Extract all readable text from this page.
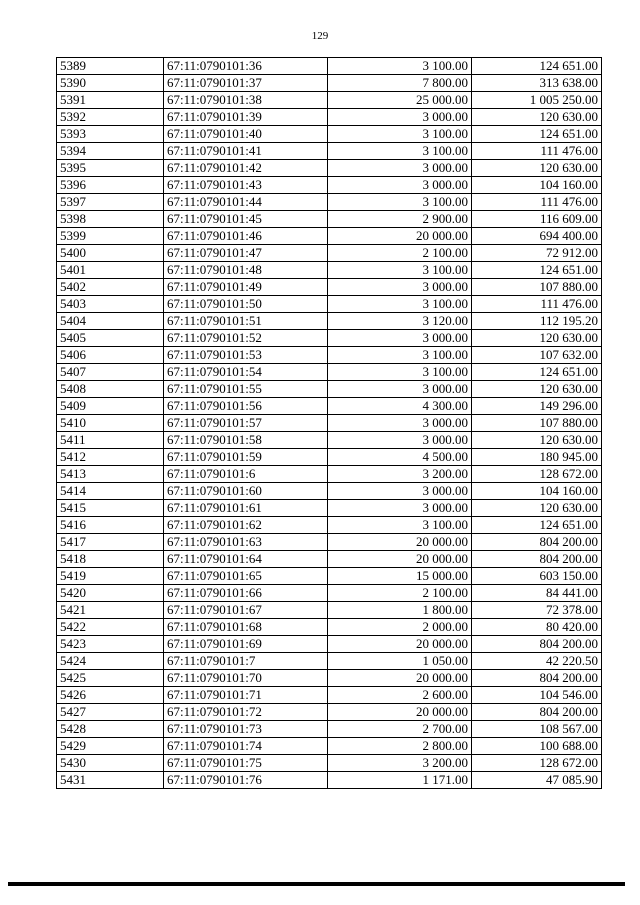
129
5389	67:11:0790101:36	3 100.00	124 651.00
5390	67:11:0790101:37	7 800.00	313 638.00
5391	67:11:0790101:38	25 000.00	1 005 250.00
5392	67:11:0790101:39	3 000.00	120 630.00
5393	67:11:0790101:40	3 100.00	124 651.00
5394	67:11:0790101:41	3 100.00	111 476.00
5395	67:11:0790101:42	3 000.00	120 630.00
5396	67:11:0790101:43	3 000.00	104 160.00
5397	67:11:0790101:44	3 100.00	111 476.00
5398	67:11:0790101:45	2 900.00	116 609.00
5399	67:11:0790101:46	20 000.00	694 400.00
5400	67:11:0790101:47	2 100.00	72 912.00
5401	67:11:0790101:48	3 100.00	124 651.00
5402	67:11:0790101:49	3 000.00	107 880.00
5403	67:11:0790101:50	3 100.00	111 476.00
5404	67:11:0790101:51	3 120.00	112 195.20
5405	67:11:0790101:52	3 000.00	120 630.00
5406	67:11:0790101:53	3 100.00	107 632.00
5407	67:11:0790101:54	3 100.00	124 651.00
5408	67:11:0790101:55	3 000.00	120 630.00
5409	67:11:0790101:56	4 300.00	149 296.00
5410	67:11:0790101:57	3 000.00	107 880.00
5411	67:11:0790101:58	3 000.00	120 630.00
5412	67:11:0790101:59	4 500.00	180 945.00
5413	67:11:0790101:6	3 200.00	128 672.00
5414	67:11:0790101:60	3 000.00	104 160.00
5415	67:11:0790101:61	3 000.00	120 630.00
5416	67:11:0790101:62	3 100.00	124 651.00
5417	67:11:0790101:63	20 000.00	804 200.00
5418	67:11:0790101:64	20 000.00	804 200.00
5419	67:11:0790101:65	15 000.00	603 150.00
5420	67:11:0790101:66	2 100.00	84 441.00
5421	67:11:0790101:67	1 800.00	72 378.00
5422	67:11:0790101:68	2 000.00	80 420.00
5423	67:11:0790101:69	20 000.00	804 200.00
5424	67:11:0790101:7	1 050.00	42 220.50
5425	67:11:0790101:70	20 000.00	804 200.00
5426	67:11:0790101:71	2 600.00	104 546.00
5427	67:11:0790101:72	20 000.00	804 200.00
5428	67:11:0790101:73	2 700.00	108 567.00
5429	67:11:0790101:74	2 800.00	100 688.00
5430	67:11:0790101:75	3 200.00	128 672.00
5431	67:11:0790101:76	1 171.00	47 085.90
